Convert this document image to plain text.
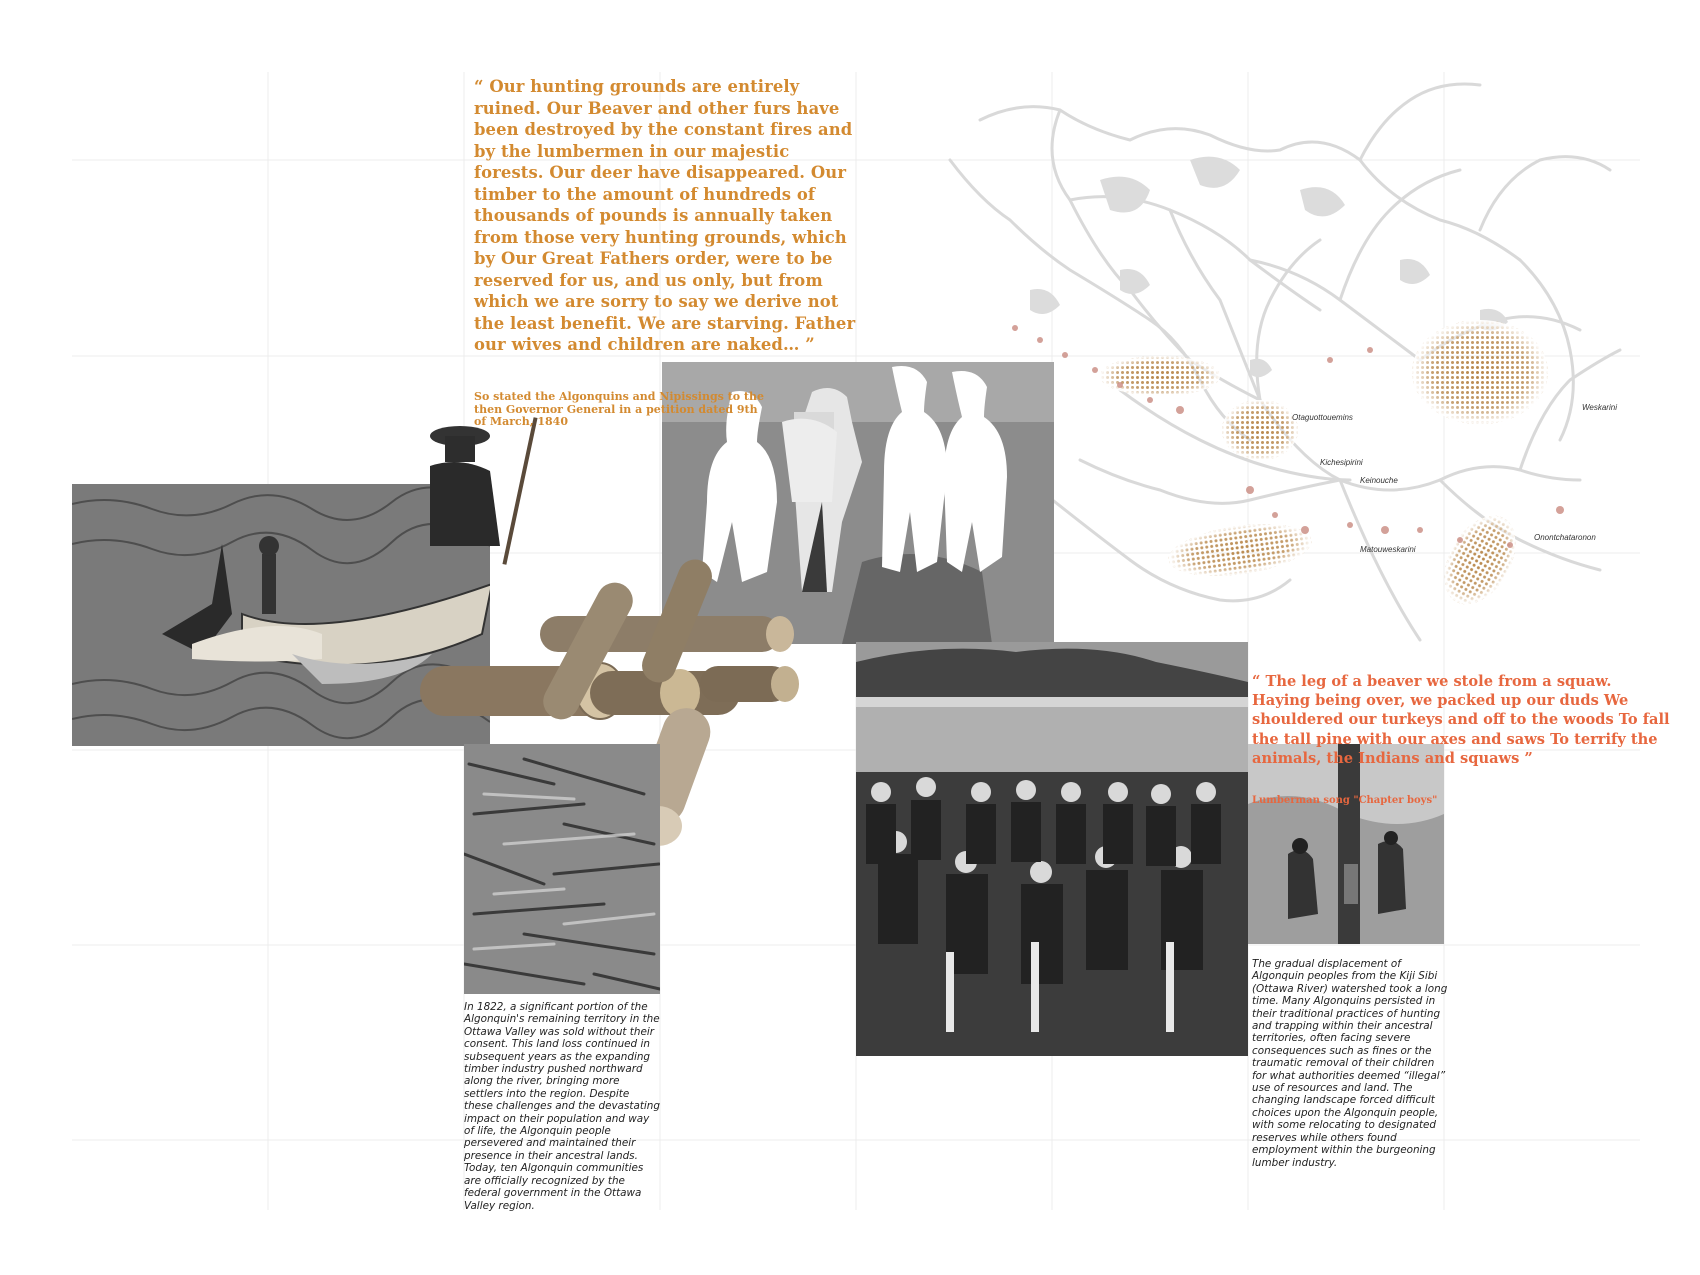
“ Our hunting grounds are entirely ruined. Our Beaver and other furs have been destroyed by the constant fires and by the lumbermen in our majestic forests. Our deer have disappeared. Our timber to the amount of hundreds of thousands of pounds is annually taken from those very hunting grounds, which by Our Great Fathers order, were to be reserved for us, and us only, but from which we are sorry to say we derive not the least benefit. We are starving. Father our wives and children are naked… ”

Otaguottouemins
Kichesipirini
Keinouche
Weskarini
Matouweskarini
Onontchataronon

So stated the Algonquins and Nipissings to the then Governor General in a petition dated 9th of March, 1840

“ The leg of a beaver we stole from a squaw. Haying being over, we packed up our duds We shouldered our turkeys and off to the woods To fall the tall pine with our axes and saws To terrify the animals, the Indians and squaws ”

Lumberman song "Chapter boys"

In 1822, a significant portion of the Algonquin's remaining territory in the Ottawa Valley was sold without their consent. This land loss continued in subsequent years as the expanding timber industry pushed northward along the river, bringing more settlers into the region. Despite these challenges and the devastating impact on their population and way of life, the Algonquin people persevered and maintained their presence in their ancestral lands. Today, ten Algonquin communities are officially recognized by the federal government in the Ottawa Valley region.

The gradual displacement of Algonquin peoples from the Kiji Sibi (Ottawa River) watershed took a long time. Many Algonquins persisted in their traditional practices of hunting and trapping within their ancestral territories, often facing severe consequences such as fines or the traumatic removal of their children for what authorities deemed “illegal” use of resources and land. The changing landscape forced difficult choices upon the Algonquin people, with some relocating to designated reserves while others found employment within the burgeoning lumber industry.
